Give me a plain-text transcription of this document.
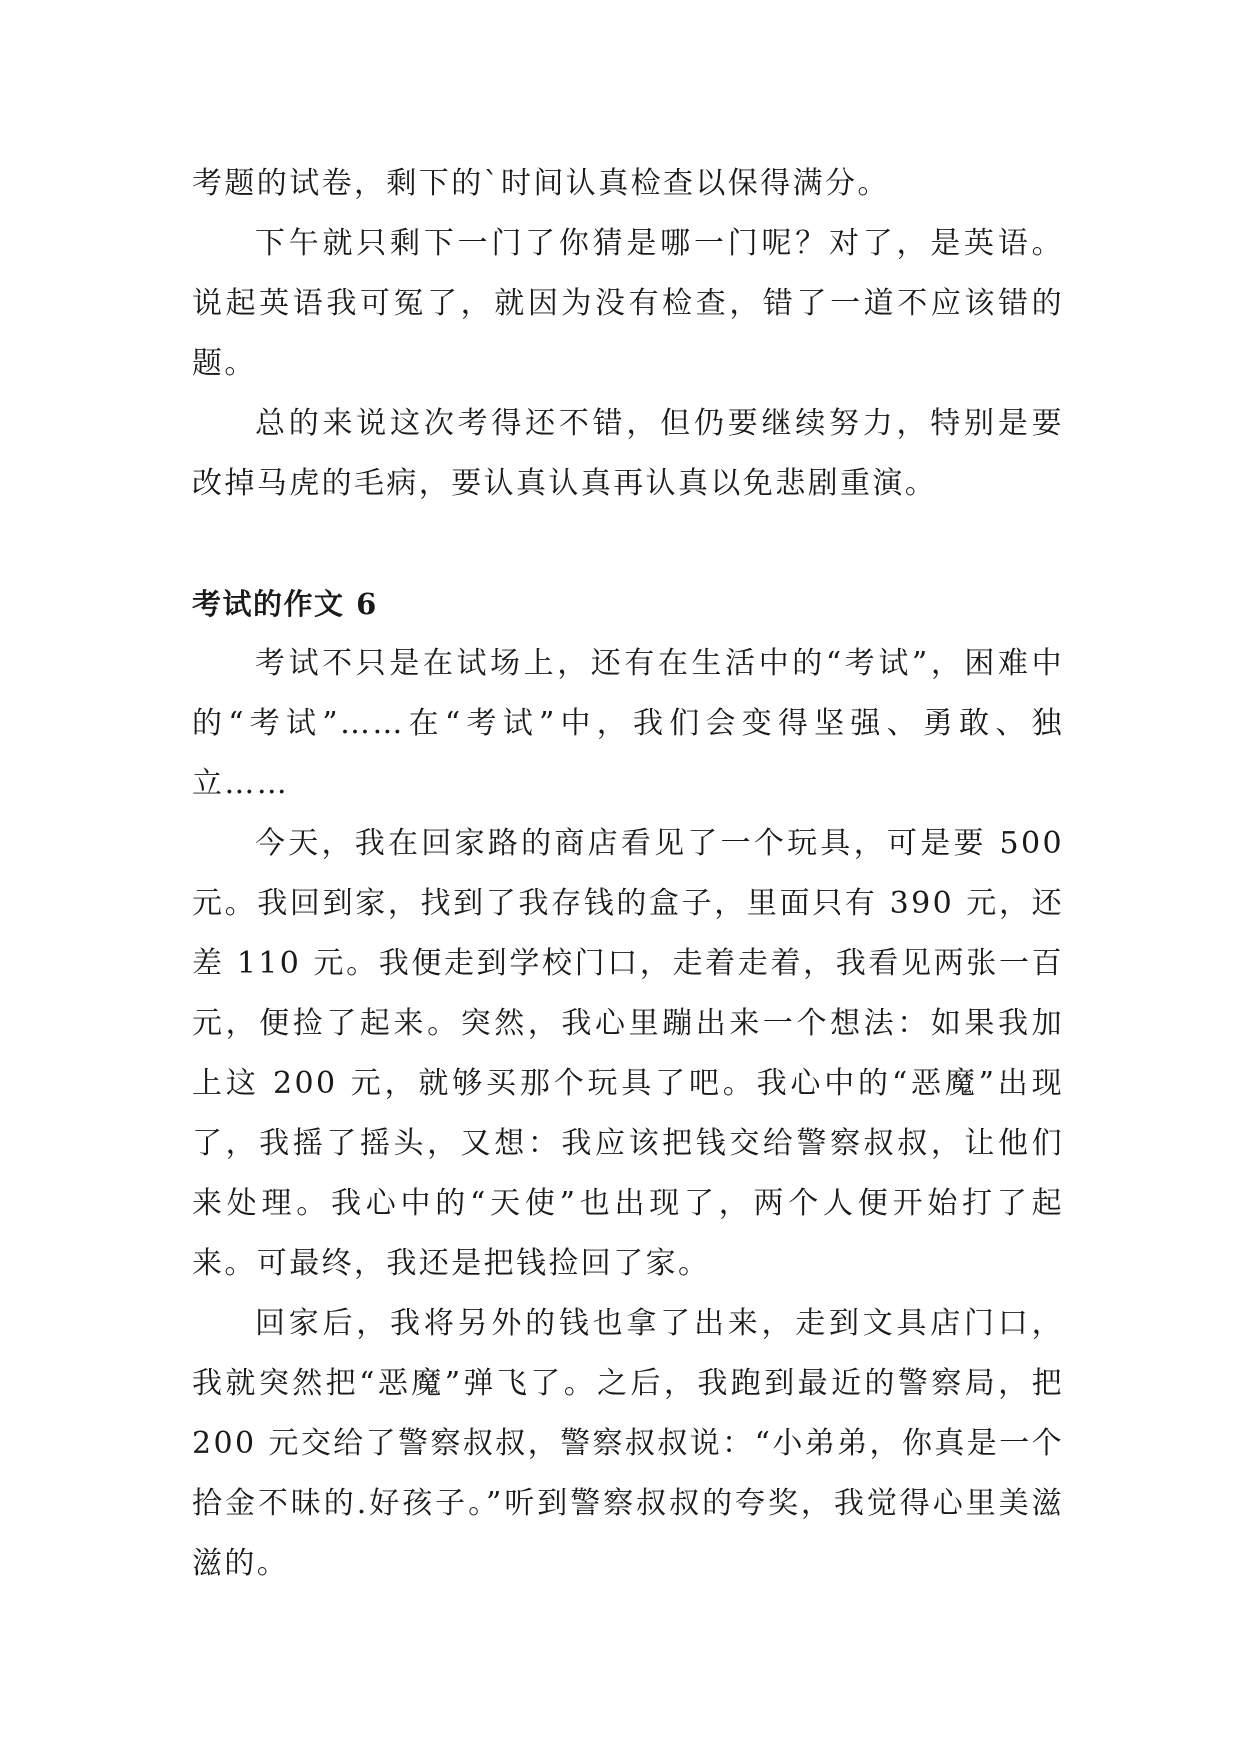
考题的试卷，剩下的`时间认真检查以保得满分。

下午就只剩下一门了你猜是哪一门呢？对了，是英语。说起英语我可冤了，就因为没有检查，错了一道不应该错的题。

总的来说这次考得还不错，但仍要继续努力，特别是要改掉马虎的毛病，要认真认真再认真以免悲剧重演。

考试的作文 6

考试不只是在试场上，还有在生活中的“考试”，困难中的“考试”……在“考试”中，我们会变得坚强、勇敢、独立……

今天，我在回家路的商店看见了一个玩具，可是要 500 元。我回到家，找到了我存钱的盒子，里面只有 390 元，还差 110 元。我便走到学校门口，走着走着，我看见两张一百元，便捡了起来。突然，我心里蹦出来一个想法：如果我加上这 200 元，就够买那个玩具了吧。我心中的“恶魔”出现了，我摇了摇头，又想：我应该把钱交给警察叔叔，让他们来处理。我心中的“天使”也出现了，两个人便开始打了起来。可最终，我还是把钱捡回了家。

回家后，我将另外的钱也拿了出来，走到文具店门口，我就突然把“恶魔”弹飞了。之后，我跑到最近的警察局，把 200 元交给了警察叔叔，警察叔叔说：“小弟弟，你真是一个拾金不昧的.好孩子。”听到警察叔叔的夸奖，我觉得心里美滋滋的。
